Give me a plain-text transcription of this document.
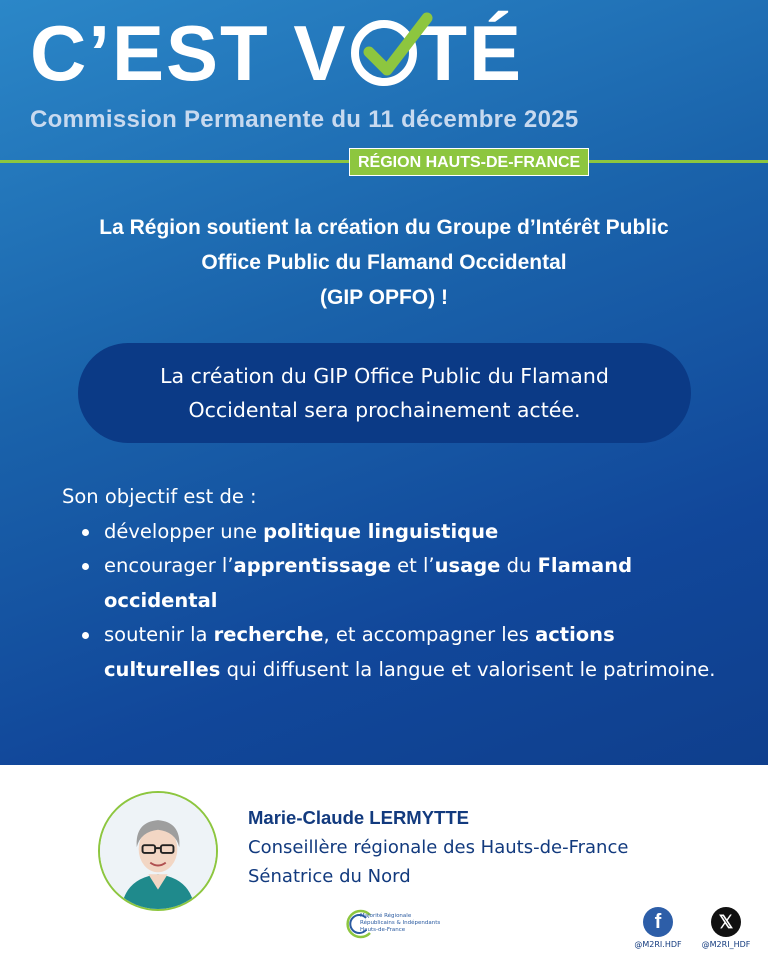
C’EST V TÉ
Commission Permanente du 11 décembre 2025
RÉGION HAUTS-DE-FRANCE
La Région soutient la création du Groupe d’Intérêt Public
Office Public du Flamand Occidental
(GIP OPFO) !
La création du GIP Office Public du Flamand
Occidental sera prochainement actée.
Son objectif est de :
développer une politique linguistique
encourager l’apprentissage et l’usage du Flamand occidental
soutenir la recherche, et accompagner les actions culturelles qui diffusent la langue et valorisent le patrimoine.
Marie-Claude LERMYTTE
Conseillère régionale des Hauts-de-France
Sénatrice du Nord
Majorité Régionale
Républicains & Indépendants
Hauts-de-France	f
@M2RI.HDF
𝕏
@M2RI_HDF
